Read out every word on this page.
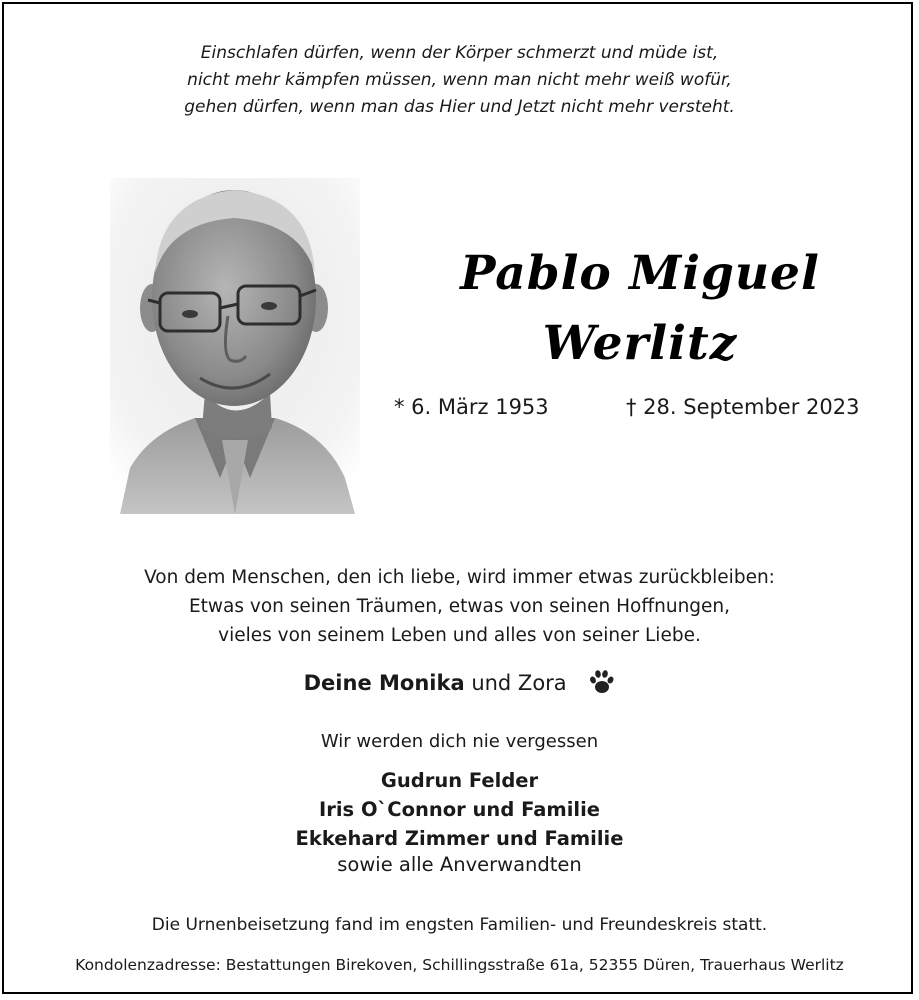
Einschlafen dürfen, wenn der Körper schmerzt und müde ist,
nicht mehr kämpfen müssen, wenn man nicht mehr weiß wofür,
gehen dürfen, wenn man das Hier und Jetzt nicht mehr versteht.
Pablo Miguel
Werlitz
* 6. März 1953	† 28. September 2023
Von dem Menschen, den ich liebe, wird immer etwas zurückbleiben:
Etwas von seinen Träumen, etwas von seinen Hoffnungen,
vieles von seinem Leben und alles von seiner Liebe.
Deine Monika und Zora
Wir werden dich nie vergessen
Gudrun Felder
Iris O`Connor und Familie
Ekkehard Zimmer und Familie
sowie alle Anverwandten
Die Urnenbeisetzung fand im engsten Familien- und Freundeskreis statt.
Kondolenzadresse: Bestattungen Birekoven, Schillingsstraße 61a, 52355 Düren, Trauerhaus Werlitz
